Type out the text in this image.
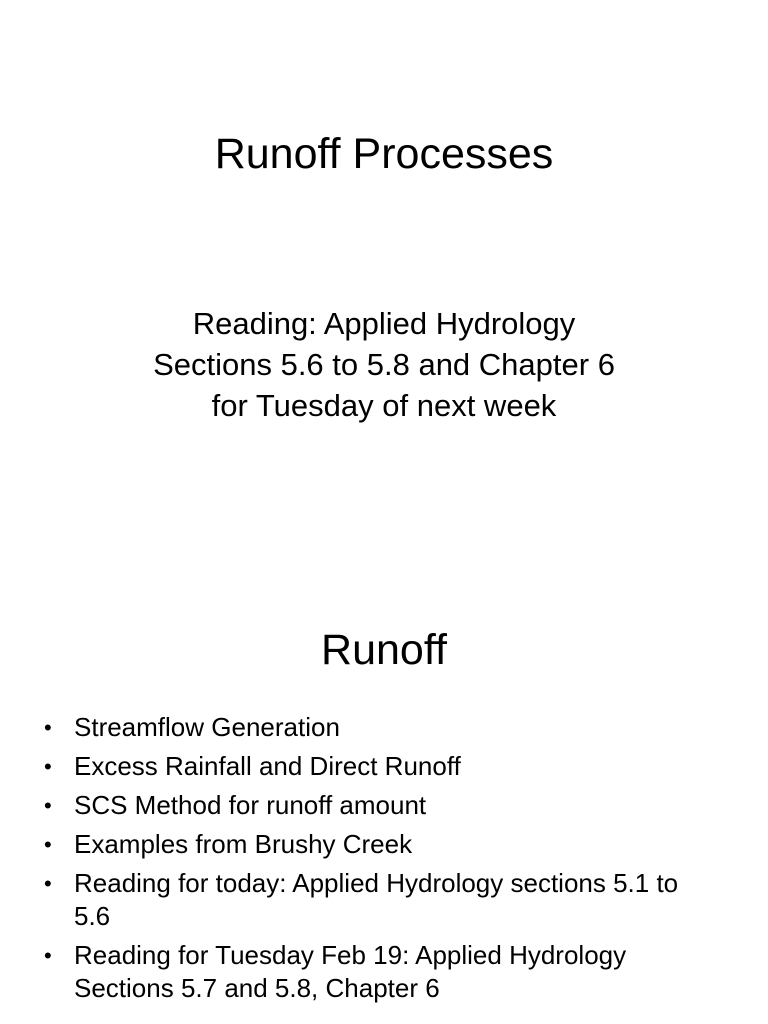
Runoff Processes

Reading: Applied Hydrology
Sections 5.6 to 5.8 and Chapter 6
for Tuesday of next week

Runoff
• Streamflow Generation
• Excess Rainfall and Direct Runoff
• SCS Method for runoff amount
• Examples from Brushy Creek
• Reading for today: Applied Hydrology sections 5.1 to 5.6
• Reading for Tuesday Feb 19: Applied Hydrology Sections 5.7 and 5.8, Chapter 6
